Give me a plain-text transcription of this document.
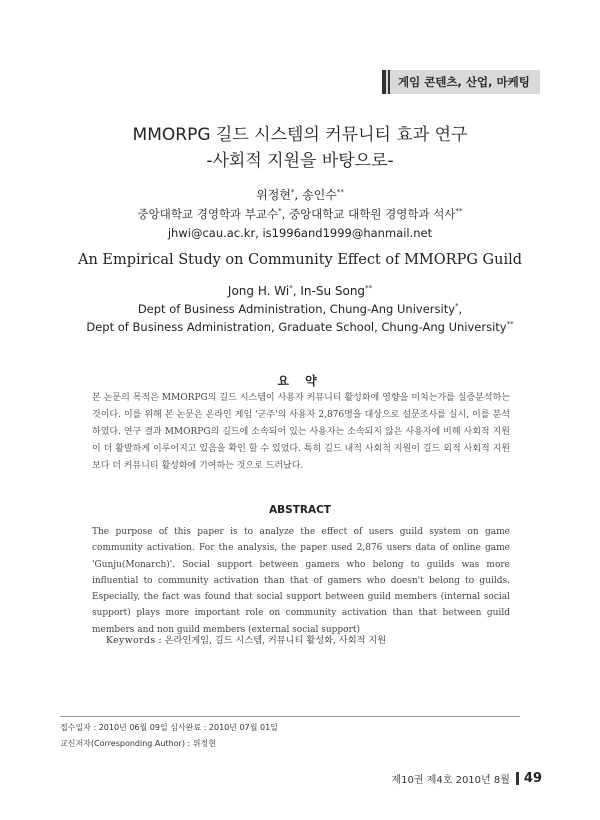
게임 콘텐츠, 산업, 마케팅
MMORPG 길드 시스템의 커뮤니티 효과 연구
-사회적 지원을 바탕으로-
위정현*, 송인수**
중앙대학교 경영학과 부교수*, 중앙대학교 대학원 경영학과 석사**
jhwi@cau.ac.kr, is1996and1999@hanmail.net
An Empirical Study on Community Effect of MMORPG Guild
Jong H. Wi*, In-Su Song**
Dept of Business Administration, Chung-Ang University*,
Dept of Business Administration, Graduate School, Chung-Ang University**
요 약
본 논문의 목적은 MMORPG의 길드 시스템이 사용자 커뮤니티 활성화에 영향을 미치는가를 실증분석하는 것이다. 이를 위해 본 논문은 온라인 게임 '군주'의 사용자 2,876명을 대상으로 설문조사를 실시, 이를 분석하였다. 연구 결과 MMORPG의 길드에 소속되어 있는 사용자는 소속되지 않은 사용자에 비해 사회적 지원이 더 활발하게 이루어지고 있음을 확인 할 수 있었다. 특히 길드 내적 사회적 지원이 길드 외적 사회적 지원보다 더 커뮤니티 활성화에 기여하는 것으로 드러났다.
ABSTRACT
The purpose of this paper is to analyze the effect of users guild system on game community activation. For the analysis, the paper used 2,876 users data of online game 'Gunju(Monarch)'. Social support between gamers who belong to guilds was more influential to community activation than that of gamers who doesn't belong to guilds. Especially, the fact was found that social support between guild members (internal social support) plays more important role on community activation than that between guild members and non guild members (external social support)
Keywords : 온라인게임, 길드 시스템, 커뮤니티 활성화, 사회적 지원
접수일자 : 2010년 06월 09일 심사완료 : 2010년 07월 01일
교신저자(Corresponding Author) : 위정현
제10권 제4호 2010년 8월 49
